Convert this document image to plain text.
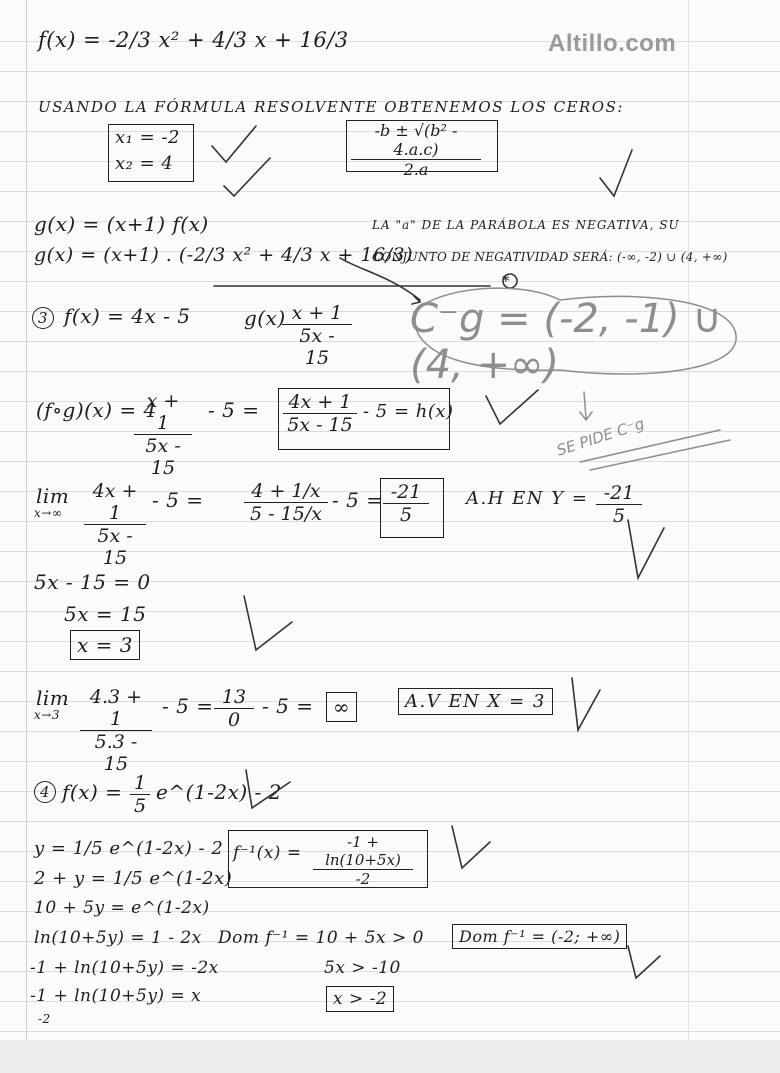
Altillo.com
f(x) = -2/3 x² + 4/3 x + 16/3
USANDO LA FÓRMULA RESOLVENTE OBTENEMOS LOS CEROS:
x₁ = -2
x₂ = 4	$\frac{\text{-b ± √(b² - 4.a.c)}}{2.a}$
g(x) = (x+1) f(x)
g(x) = (x+1) . (-2/3 x² + 4/3 x + 16/3)
LA "a" DE LA PARÁBOLA ES NEGATIVA, SU
CONJUNTO DE NEGATIVIDAD SERÁ: (-∞, -2) ∪ (4, +∞)
*
C⁻g = (-2, -1) ∪ (4, +∞)
SE PIDE C⁻g
3 f(x) = 4x - 5	g(x)
$\frac{x + 1}{5x - 15}$
(f∘g)(x) = 4
$\frac{x + 1}{5x - 15} - 5 = \frac{4x + 1}{5x - 15} - 5 = h(x)$
lim
$x\to\infty \frac{4x + 1}{5x - 15} - 5 = \frac{4 + 1/x}{5 - 15/x} - 5 = \frac{-21}{5} A.H$ EN $Y = \frac{-21}{5}$
5x - 15 = 0
5x = 15
x = 3
lim
$x\to 3 \frac{4.3 + 1}{5.3 - 15} - 5 = \frac{13}{0} - 5$ = ∞	A.V EN X = 3
4 $f(x) = \frac{1}{5}$ e^(1-2x) - 2
y = 1/5 e^(1-2x) - 2
2 + y = 1/5 e^(1-2x)
10 + 5y = e^(1-2x)
ln(10+5y) = 1 - 2x
-1 + ln(10+5y) = -2x
-1 + ln(10+5y) = x
-2
$f^{-1}(x) = \frac{-1 + \ln(10+5x)}{-2}$
Dom f⁻¹ = 10 + 5x > 0
5x > -10
x > -2
Dom f⁻¹ = (-2; +∞)
